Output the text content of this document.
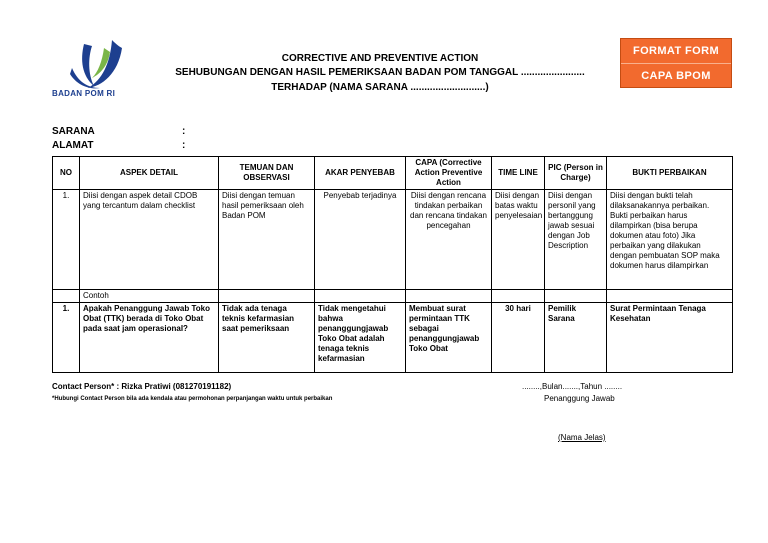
BADAN POM RI
CORRECTIVE AND PREVENTIVE ACTION
SEHUBUNGAN DENGAN HASIL PEMERIKSAAN BADAN POM TANGGAL .......................
TERHADAP (NAMA SARANA ...........................)
FORMAT FORM
CAPA BPOM
SARANA	:
ALAMAT	:
NO	ASPEK DETAIL	TEMUAN DAN OBSERVASI	AKAR PENYEBAB	CAPA (Corrective Action Preventive Action	TIME LINE	PIC (Person in Charge)	BUKTI PERBAIKAN
1.	Diisi dengan aspek detail CDOB yang tercantum dalam checklist	Diisi dengan temuan hasil pemeriksaan oleh Badan POM	Penyebab terjadinya	Diisi dengan rencana tindakan perbaikan dan rencana tindakan pencegahan	Diisi dengan batas waktu penyelesaian	Diisi dengan personil yang bertanggung jawab sesuai dengan Job Description	Diisi dengan bukti telah dilaksanakannya perbaikan. Bukti perbaikan harus dilampirkan (bisa berupa dokumen atau foto) Jika perbaikan yang dilakukan dengan pembuatan SOP maka dokumen harus dilampirkan
	Contoh						
1.	Apakah Penanggung Jawab Toko Obat (TTK) berada di Toko Obat pada saat jam operasional?	Tidak ada tenaga teknis kefarmasian saat pemeriksaan	Tidak mengetahui bahwa penanggungjawab Toko Obat adalah tenaga teknis kefarmasian	Membuat surat permintaan TTK sebagai penanggungjawab Toko Obat	30 hari	Pemilik Sarana	Surat Permintaan Tenaga Kesehatan
Contact Person* : Rizka Pratiwi (081270191182)	........,Bulan.......,Tahun ........
*Hubungi Contact Person bila ada kendala atau permohonan perpanjangan waktu untuk perbaikan	Penanggung Jawab
(Nama Jelas)
